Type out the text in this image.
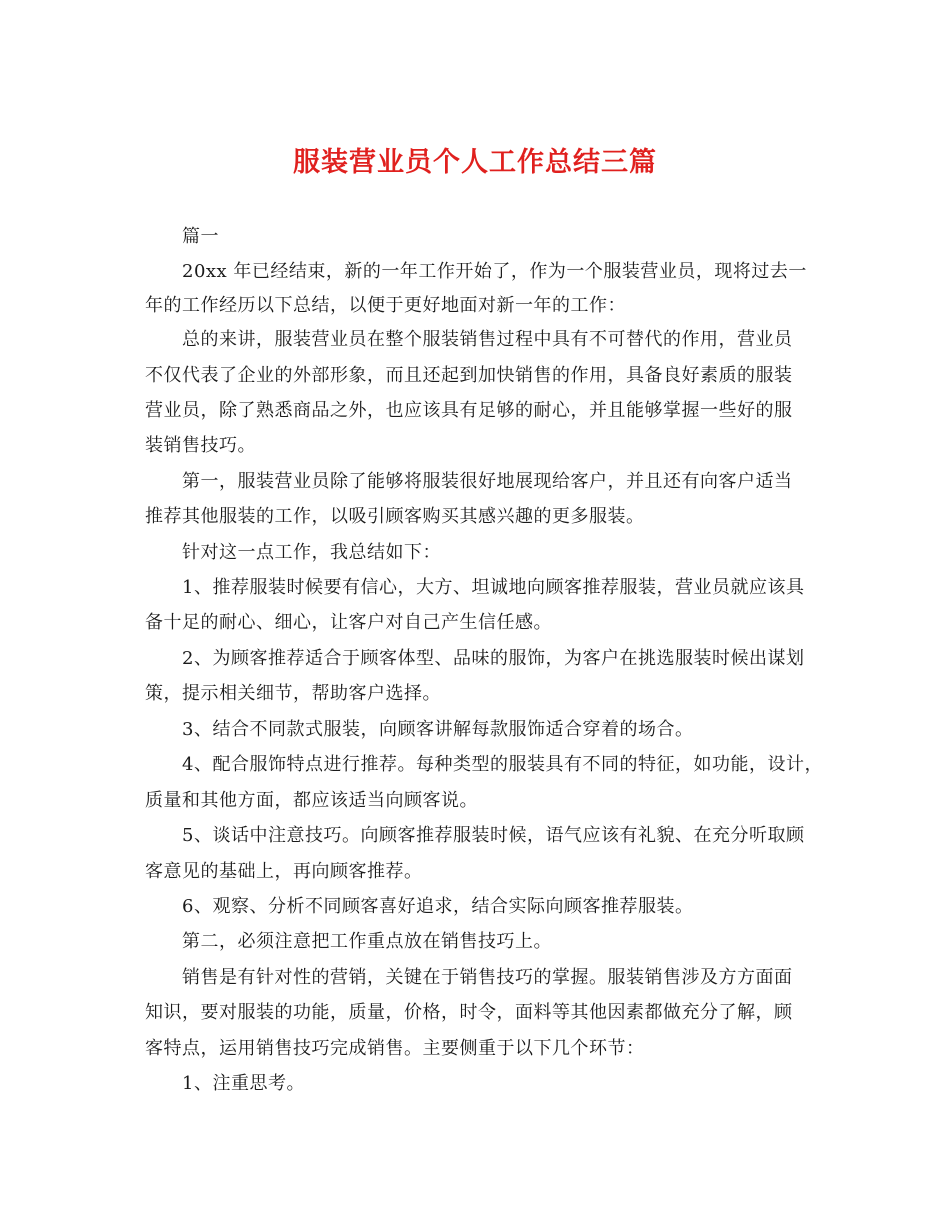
服装营业员个人工作总结三篇
篇一
20xx 年已经结束，新的一年工作开始了，作为一个服装营业员，现将过去一
年的工作经历以下总结，以便于更好地面对新一年的工作：
总的来讲，服装营业员在整个服装销售过程中具有不可替代的作用，营业员
不仅代表了企业的外部形象，而且还起到加快销售的作用，具备良好素质的服装
营业员，除了熟悉商品之外，也应该具有足够的耐心，并且能够掌握一些好的服
装销售技巧。
第一，服装营业员除了能够将服装很好地展现给客户，并且还有向客户适当
推荐其他服装的工作，以吸引顾客购买其感兴趣的更多服装。
针对这一点工作，我总结如下：
1、推荐服装时候要有信心，大方、坦诚地向顾客推荐服装，营业员就应该具
备十足的耐心、细心，让客户对自己产生信任感。
2、为顾客推荐适合于顾客体型、品味的服饰，为客户在挑选服装时候出谋划
策，提示相关细节，帮助客户选择。
3、结合不同款式服装，向顾客讲解每款服饰适合穿着的场合。
4、配合服饰特点进行推荐。每种类型的服装具有不同的特征，如功能，设计，
质量和其他方面，都应该适当向顾客说。
5、谈话中注意技巧。向顾客推荐服装时候，语气应该有礼貌、在充分听取顾
客意见的基础上，再向顾客推荐。
6、观察、分析不同顾客喜好追求，结合实际向顾客推荐服装。
第二，必须注意把工作重点放在销售技巧上。
销售是有针对性的营销，关键在于销售技巧的掌握。服装销售涉及方方面面
知识，要对服装的功能，质量，价格，时令，面料等其他因素都做充分了解，顾
客特点，运用销售技巧完成销售。主要侧重于以下几个环节：
1、注重思考。
